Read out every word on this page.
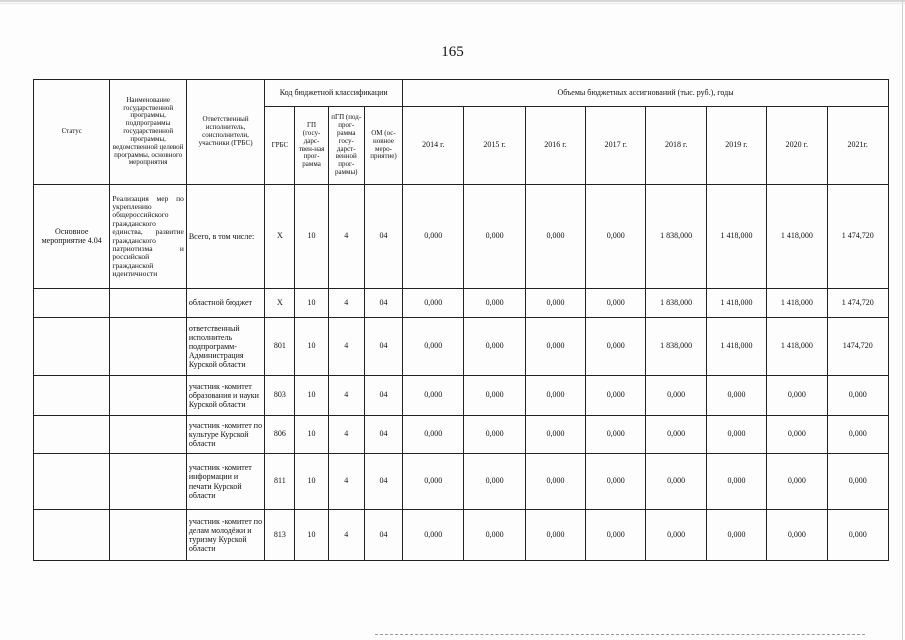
165
Статус	Наименование государственной программы, подпрограммы государственной программы, ведомственной целевой программы, основного мероприятия	Ответственный исполнитель, соисполнители, участники (ГРБС)	Код бюджетной классификации				Объемы бюджетных ассигнований (тыс. руб.), годы							
			ГРБС	ГП (госу-дарс-твен-ная прог-рамма	пГП (под-прог-рамма госу-дарст-венной прог-раммы)	ОМ (ос-новное меро-приятие)	2014 г.	2015 г.	2016 г.	2017 г.	2018 г.	2019 г.	2020 г.	2021г.
Основное мероприятие 4.04	Реализация мер по укреплению общероссийского гражданского единства, развитие гражданского патриотизма и российской гражданской идентичности	Всего, в том числе:	Х	10	4	04	0,000	0,000	0,000	0,000	1 838,000	1 418,000	1 418,000	1 474,720
		областной бюджет	Х	10	4	04	0,000	0,000	0,000	0,000	1 838,000	1 418,000	1 418,000	1 474,720
		ответственный исполнитель подпрограмм-Администрация Курской области	801	10	4	04	0,000	0,000	0,000	0,000	1 838,000	1 418,000	1 418,000	1474,720
		участник -комитет образования и науки Курской области	803	10	4	04	0,000	0,000	0,000	0,000	0,000	0,000	0,000	0,000
		участник -комитет по культуре Курской области	806	10	4	04	0,000	0,000	0,000	0,000	0,000	0,000	0,000	0,000
		участник -комитет информации и печати Курской области	811	10	4	04	0,000	0,000	0,000	0,000	0,000	0,000	0,000	0,000
		участник -комитет по делам молодёжи и туризму Курской области	813	10	4	04	0,000	0,000	0,000	0,000	0,000	0,000	0,000	0,000
